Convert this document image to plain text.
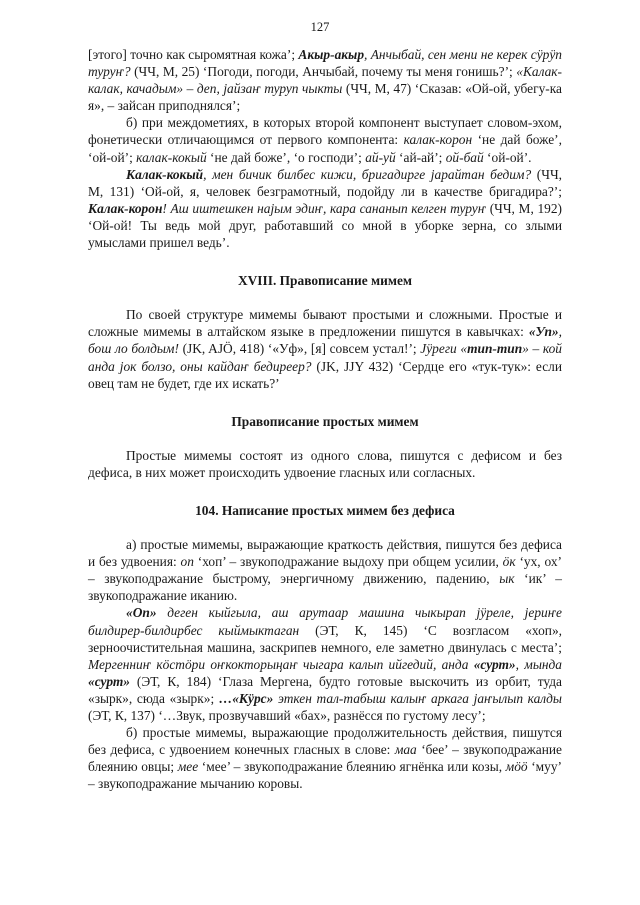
127

[этого] точно как сыромятная кожа’; Акыр-акыр, Анчыбай, сен мени не керек сӱрӱп туруҥ? (ЧЧ, М, 25) ‘Погоди, погоди, Анчыбай, почему ты меня гонишь?’; «Калак-калак, качадым» – деп, јайзаҥ туруп чыкты (ЧЧ, М, 47) ‘Сказав: «Ой-ой, убегу-ка я», – зайсан приподнялся’;

б) при междометиях, в которых второй компонент выступает словом-эхом, фонетически отличающимся от первого компонента: калак-корон ‘не дай боже’, ‘ой-ой’; калак-кокый ‘не дай боже’, ‘о господи’; ай-уй ‘ай-ай’; ой-бай ‘ой-ой’.

Калак-кокый, мен бичик билбес кижи, бригадирге јарайтан бедим? (ЧЧ, М, 131) ‘Ой-ой, я, человек безграмотный, подойду ли в качестве бригадира?’; Калак-корон! Аш иштешкен најым эдиҥ, кара сананып келген туруҥ (ЧЧ, М, 192) ‘Ой-ой! Ты ведь мой друг, работавший со мной в уборке зерна, со злыми умыслами пришел ведь’.

XVIII. Правописание мимем

По своей структуре мимемы бывают простыми и сложными. Простые и сложные мимемы в алтайском языке в предложении пишутся в кавычках: «Уп», бош ло болдым! (JK, AJÖ, 418) ‘«Уф», [я] совсем устал!’; Јӱреги «тип-тип» – кой анда јок болзо, оны кайдаҥ бедиреер? (JK, JJY 432) ‘Сердце его «тук-тук»: если овец там не будет, где их искать?’

Правописание простых мимем

Простые мимемы состоят из одного слова, пишутся с дефисом и без дефиса, в них может происходить удвоение гласных или согласных.

104. Написание простых мимем без дефиса

а) простые мимемы, выражающие краткость действия, пишутся без дефиса и без удвоения: оп ‘хоп’ – звукоподражание выдоху при общем усилии, öк ‘ух, ох’ – звукоподражание быстрому, энергичному движению, падению, ык ‘ик’ – звукоподражание иканию.

«Оп» деген кыйгыла, аш арутаар машина чыкырап јӱреле, јериҥе билдирер-билдирбес кыймыктаган (ЭТ, К, 145) ‘С возгласом «хоп», зерноочистительная машина, заскрипев немного, еле заметно двинулась с места’; Мергенниҥ кӧстӧри оҥкокторыңаҥ чыгара калып ийгедий, анда «сурт», мында «сурт» (ЭТ, К, 184) ‘Глаза Мергена, будто готовые выскочить из орбит, туда «зырк», сюда «зырк»; …«Кӱрс» эткен тал-табыш калыҥ аркага јаҥылып калды (ЭТ, К, 137) ‘…Звук, прозвучавший «бах», разнёсся по густому лесу’;

б) простые мимемы, выражающие продолжительность действия, пишутся без дефиса, с удвоением конечных гласных в слове: маа ‘бее’ – звукоподражание блеянию овцы; мее ‘мее’ – звукоподражание блеянию ягнёнка или козы, мӧӧ ‘муу’ – звукоподражание мычанию коровы.
